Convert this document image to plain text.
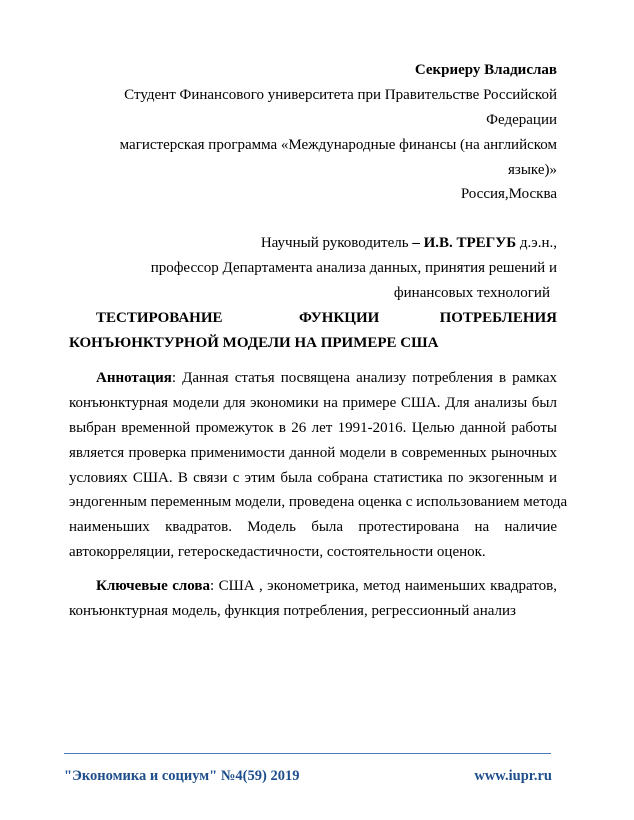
Секриеру Владислав
Студент Финансового университета при Правительстве Российской
Федерации
магистерская программа «Международные финансы (на английском
языке)»
Россия,Москва
Научный руководитель – И.В. ТРЕГУБ д.э.н.,
профессор Департамента анализа данных, принятия решений и
финансовых технологий
ТЕСТИРОВАНИЕ	ФУНКЦИИ	ПОТРЕБЛЕНИЯ
КОНЪЮНКТУРНОЙ МОДЕЛИ НА ПРИМЕРЕ США
Аннотация: Данная статья посвящена анализу потребления в рамках
конъюнктурная модели для экономики на примере США. Для анализы был
выбран временной промежуток в 26 лет 1991-2016. Целью данной работы
является проверка применимости данной модели в современных рыночных
условиях США. В связи с этим была собрана статистика по экзогенным и
эндогенным переменным модели, проведена оценка с использованием метода
наименьших квадратов. Модель была протестирована на наличие
автокорреляции, гетероскедастичности, состоятельности оценок.
Ключевые слова: США , эконометрика, метод наименьших квадратов,
конъюнктурная модель, функция потребления, регрессионный анализ
"Экономика и социум" №4(59) 2019	www.iupr.ru
